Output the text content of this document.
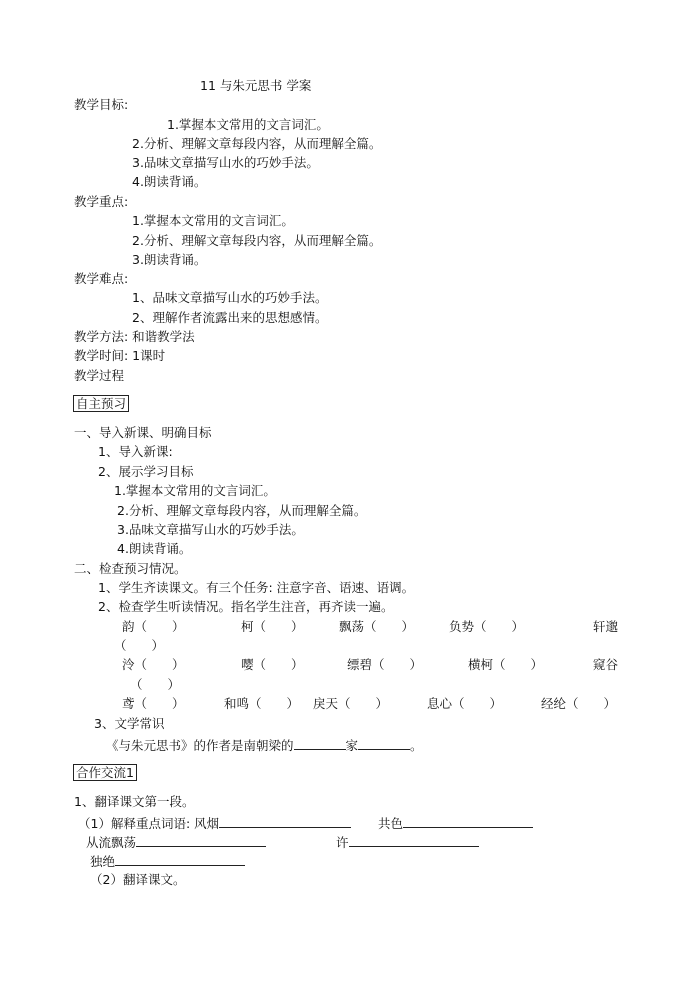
11 与朱元思书 学案
教学目标:
1.掌握本文常用的文言词汇。
2.分析、理解文章每段内容，从而理解全篇。
3.品味文章描写山水的巧妙手法。
4.朗读背诵。
教学重点:
1.掌握本文常用的文言词汇。
2.分析、理解文章每段内容，从而理解全篇。
3.朗读背诵。
教学难点:
1、品味文章描写山水的巧妙手法。
2、理解作者流露出来的思想感情。
教学方法: 和谐教学法
教学时间: 1课时
教学过程
自主预习
一、导入新课、明确目标
1、导入新课:
2、展示学习目标
1.掌握本文常用的文言词汇。
2.分析、理解文章每段内容，从而理解全篇。
3.品味文章描写山水的巧妙手法。
4.朗读背诵。
二、检查预习情况。
1、学生齐读课文。有三个任务: 注意字音、语速、语调。
2、检查学生听读情况。指名学生注音，再齐读一遍。
韵（　　）	柯（　　）	飘荡（　　）	负势（　　）	轩邈
（　　）
泠（　　）	嘤（　　）	缥碧（　　）	横柯（　　）	窥谷
（　　）
鸢（　　）	和鸣（　　） 戾天（　　）	息心（　　）	经纶（　　）
3、文学常识
《与朱元思书》的作者是南朝梁的	家	。
合作交流1
1、翻译课文第一段。
（1）解释重点词语: 风烟	共色
从流飘荡	许
独绝
（2）翻译课文。
